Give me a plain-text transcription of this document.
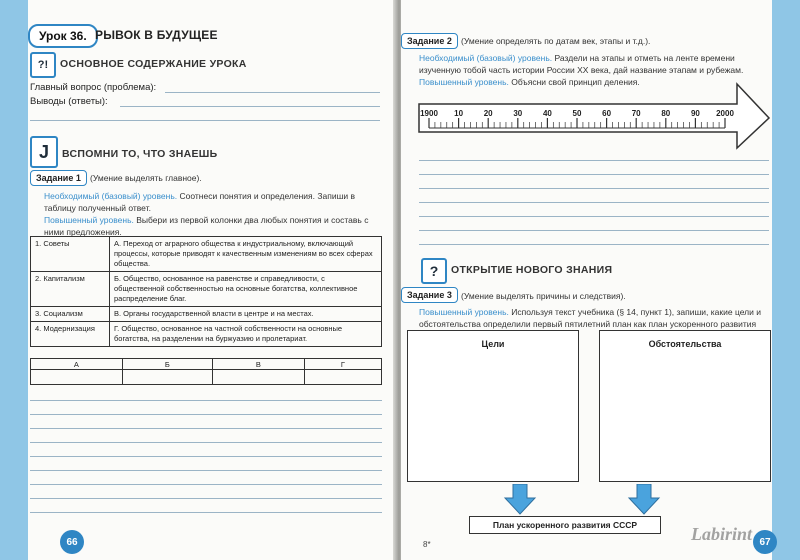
Урок 36. РЫВОК В БУДУЩЕЕ
?!	ОСНОВНОЕ СОДЕРЖАНИЕ УРОКА
Главный вопрос (проблема):
Выводы (ответы):
J	ВСПОМНИ ТО, ЧТО ЗНАЕШЬ
Задание 1	(Умение выделять главное).
Необходимый (базовый) уровень. Соотнеси понятия и определения. Запиши в таблицу полученный ответ.
Повышенный уровень. Выбери из первой колонки два любых понятия и составь с ними предложения.
1. Советы	А. Переход от аграрного общества к индустриальному, включающий процессы, которые приводят к качественным изменениям во всех сферах общества.
2. Капитализм	Б. Общество, основанное на равенстве и справедливости, с общественной собственностью на основные богатства, коллективное распределение благ.
3. Социализм	В. Органы государственной власти в центре и на местах.
4. Модернизация	Г. Общество, основанное на частной собственности на основные богатства, на разделении на буржуазию и пролетариат.
А	Б	В	Г

66
Задание 2	(Умение определять по датам век, этапы и т.д.).
Необходимый (базовый) уровень. Раздели на этапы и отметь на ленте времени изученную тобой часть истории России XX века, дай название этапам и рубежам.
Повышенный уровень. Объясни свой принцип деления.
1900 10	20	30	40	50	60	70	80	90 2000
?	ОТКРЫТИЕ НОВОГО ЗНАНИЯ
Задание 3	(Умение выделять причины и следствия).
Повышенный уровень. Используя текст учебника (§ 14, пункт 1), запиши, какие цели и обстоятельства определили первый пятилетний план как план ускоренного развития
Цели	Обстоятельства
План ускоренного развития СССР
8*
Labirint 67
